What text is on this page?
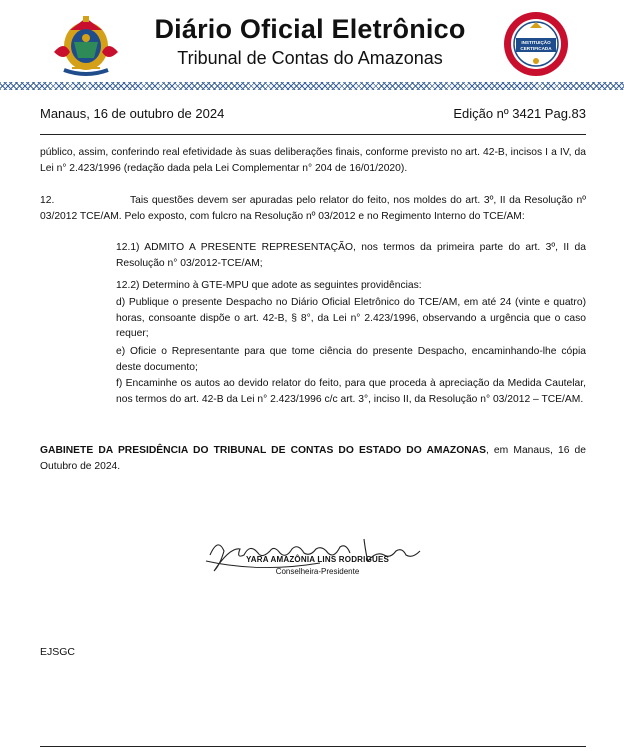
Diário Oficial Eletrônico
Tribunal de Contas do Amazonas
INSTITUIÇÃO
CERTIFICADA
Manaus, 16 de outubro de 2024	Edição nº 3421 Pag.83
público, assim, conferindo real efetividade às suas deliberações finais, conforme previsto no art. 42-B, incisos I a IV, da Lei n° 2.423/1996 (redação dada pela Lei Complementar n° 204 de 16/01/2020).
12.	Tais questões devem ser apuradas pelo relator do feito, nos moldes do art. 3º, II da Resolução nº 03/2012 TCE/AM. Pelo exposto, com fulcro na Resolução nº 03/2012 e no Regimento Interno do TCE/AM:
12.1) ADMITO A PRESENTE REPRESENTAÇÃO, nos termos da primeira parte do art. 3º, II da Resolução n° 03/2012-TCE/AM;
12.2) Determino à GTE-MPU que adote as seguintes providências:
d) Publique o presente Despacho no Diário Oficial Eletrônico do TCE/AM, em até 24 (vinte e quatro) horas, consoante dispõe o art. 42-B, § 8°, da Lei n° 2.423/1996, observando a urgência que o caso requer;
e) Oficie o Representante para que tome ciência do presente Despacho, encaminhando-lhe cópia deste documento;
f) Encaminhe os autos ao devido relator do feito, para que proceda à apreciação da Medida Cautelar, nos termos do art. 42-B da Lei n° 2.423/1996 c/c art. 3°, inciso II, da Resolução n° 03/2012 – TCE/AM.
GABINETE DA PRESIDÊNCIA DO TRIBUNAL DE CONTAS DO ESTADO DO AMAZONAS, em Manaus, 16 de Outubro de 2024.
YARA AMAZÔNIA LINS RODRIGUES
Conselheira-Presidente
EJSGC
